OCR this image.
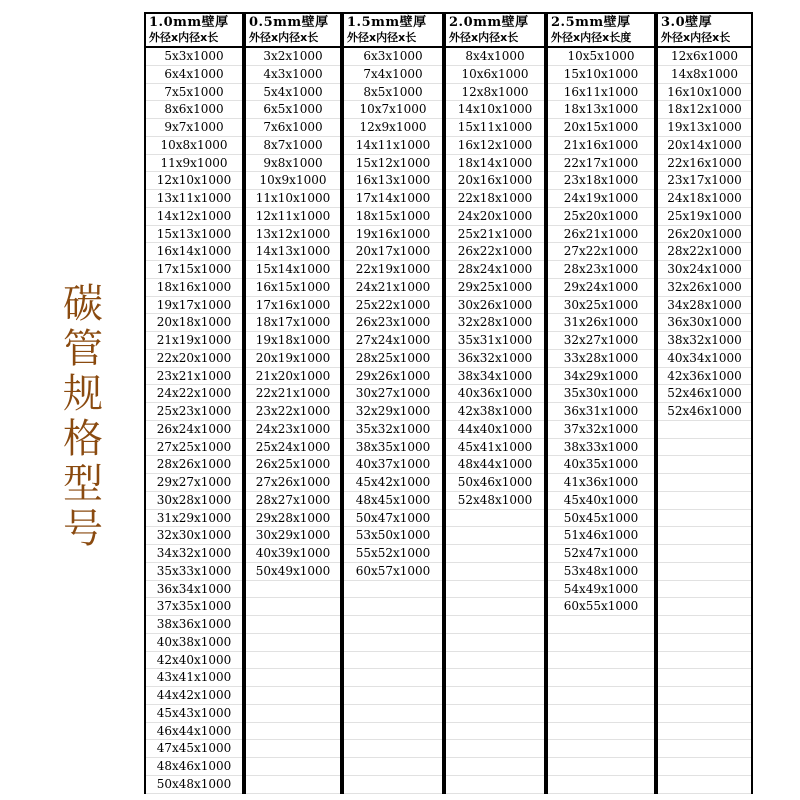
碳
管
规
格
型
号
1.0mm壁厚
外径x内径x长
5x3x1000
6x4x1000
7x5x1000
8x6x1000
9x7x1000
10x8x1000
11x9x1000
12x10x1000
13x11x1000
14x12x1000
15x13x1000
16x14x1000
17x15x1000
18x16x1000
19x17x1000
20x18x1000
21x19x1000
22x20x1000
23x21x1000
24x22x1000
25x23x1000
26x24x1000
27x25x1000
28x26x1000
29x27x1000
30x28x1000
31x29x1000
32x30x1000
34x32x1000
35x33x1000
36x34x1000
37x35x1000
38x36x1000
40x38x1000
42x40x1000
43x41x1000
44x42x1000
45x43x1000
46x44x1000
47x45x1000
48x46x1000
50x48x1000
0.5mm壁厚
外径x内径x长
3x2x1000
4x3x1000
5x4x1000
6x5x1000
7x6x1000
8x7x1000
9x8x1000
10x9x1000
11x10x1000
12x11x1000
13x12x1000
14x13x1000
15x14x1000
16x15x1000
17x16x1000
18x17x1000
19x18x1000
20x19x1000
21x20x1000
22x21x1000
23x22x1000
24x23x1000
25x24x1000
26x25x1000
27x26x1000
28x27x1000
29x28x1000
30x29x1000
40x39x1000
50x49x1000
1.5mm壁厚
外径x内径x长
6x3x1000
7x4x1000
8x5x1000
10x7x1000
12x9x1000
14x11x1000
15x12x1000
16x13x1000
17x14x1000
18x15x1000
19x16x1000
20x17x1000
22x19x1000
24x21x1000
25x22x1000
26x23x1000
27x24x1000
28x25x1000
29x26x1000
30x27x1000
32x29x1000
35x32x1000
38x35x1000
40x37x1000
45x42x1000
48x45x1000
50x47x1000
53x50x1000
55x52x1000
60x57x1000
2.0mm壁厚
外径x内径x长
8x4x1000
10x6x1000
12x8x1000
14x10x1000
15x11x1000
16x12x1000
18x14x1000
20x16x1000
22x18x1000
24x20x1000
25x21x1000
26x22x1000
28x24x1000
29x25x1000
30x26x1000
32x28x1000
35x31x1000
36x32x1000
38x34x1000
40x36x1000
42x38x1000
44x40x1000
45x41x1000
48x44x1000
50x46x1000
52x48x1000
2.5mm壁厚
外径x内径x长度
10x5x1000
15x10x1000
16x11x1000
18x13x1000
20x15x1000
21x16x1000
22x17x1000
23x18x1000
24x19x1000
25x20x1000
26x21x1000
27x22x1000
28x23x1000
29x24x1000
30x25x1000
31x26x1000
32x27x1000
33x28x1000
34x29x1000
35x30x1000
36x31x1000
37x32x1000
38x33x1000
40x35x1000
41x36x1000
45x40x1000
50x45x1000
51x46x1000
52x47x1000
53x48x1000
54x49x1000
60x55x1000
3.0壁厚
外径x内径x长
12x6x1000
14x8x1000
16x10x1000
18x12x1000
19x13x1000
20x14x1000
22x16x1000
23x17x1000
24x18x1000
25x19x1000
26x20x1000
28x22x1000
30x24x1000
32x26x1000
34x28x1000
36x30x1000
38x32x1000
40x34x1000
42x36x1000
52x46x1000
52x46x1000
